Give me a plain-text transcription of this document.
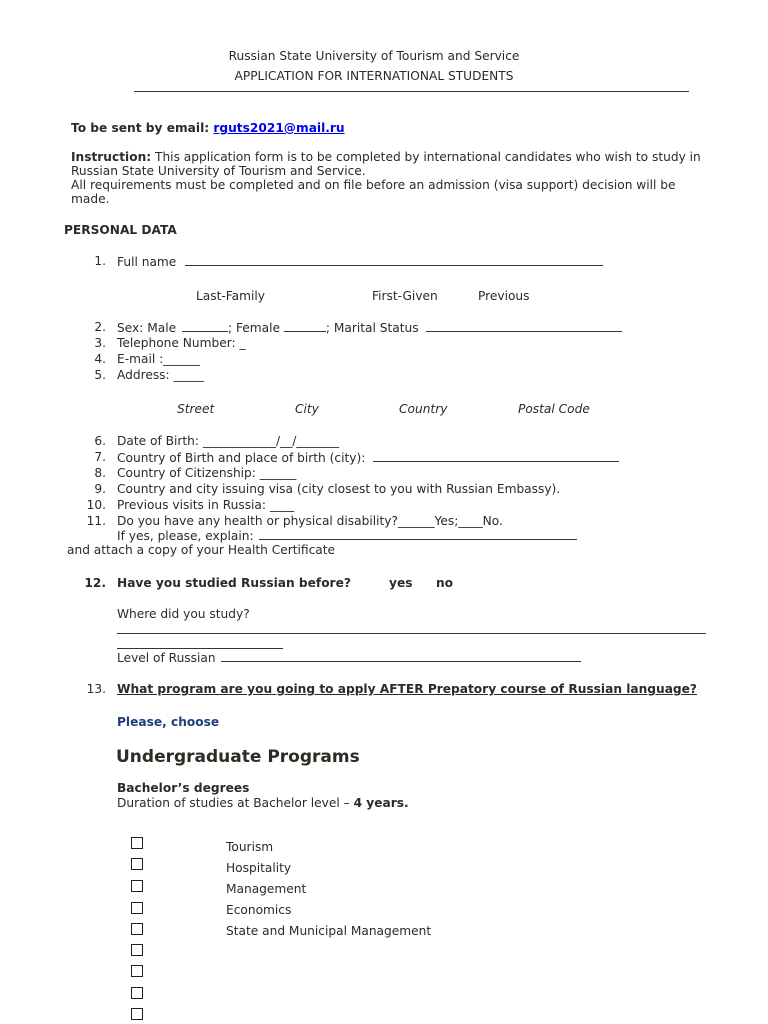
Russian State University of Tourism and Service
APPLICATION FOR INTERNATIONAL STUDENTS
To be sent by email: rguts2021@mail.ru
Instruction: This application form is to be completed by international candidates who wish to study in
Russian State University of Tourism and Service.
All requirements must be completed and on file before an admission (visa support) decision will be
made.
PERSONAL DATA
1. Full name
Last-Family	First-Given	Previous
2. Sex: Male	; Female	; Marital Status
3. Telephone Number: _
4. E-mail :______
5. Address: _____
Street	City	Country	Postal Code
6. Date of Birth: ____________/__/_______
7. Country of Birth and place of birth (city):
8. Country of Citizenship: ______
9. Country and city issuing visa (city closest to you with Russian Embassy).
10. Previous visits in Russia: ____
11. Do you have any health or physical disability?______Yes;____No.
If yes, please, explain:
and attach a copy of your Health Certificate
12. Have you studied Russian before?	yes no
Where did you study?
Level of Russian
13. What program are you going to apply AFTER Prepatory course of Russian language?
Please, choose
Undergraduate Programs
Bachelor’s degrees
Duration of studies at Bachelor level – 4 years.
Tourism
Hospitality
Management
Economics
State and Municipal Management
